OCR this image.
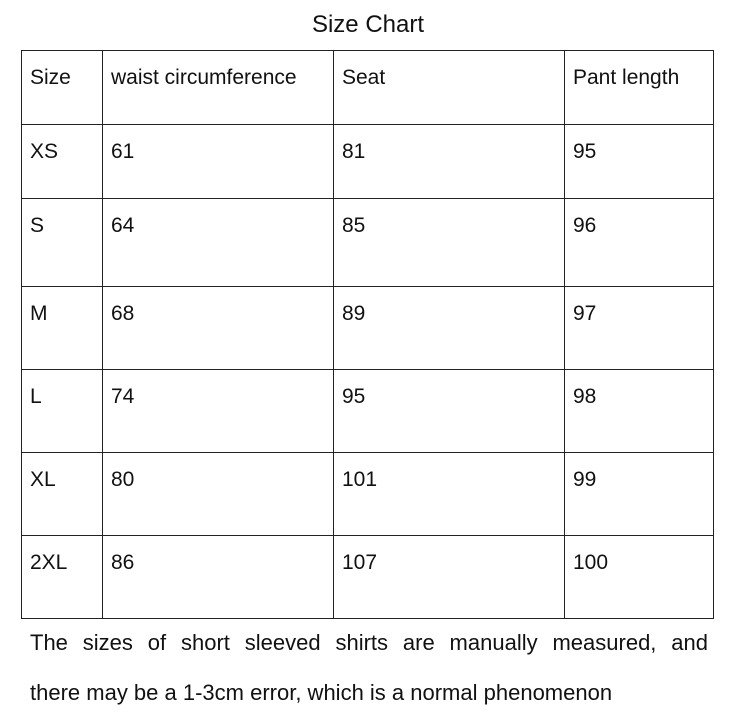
Size Chart
Size	waist circumference	Seat	Pant length
XS	61	81	95
S	64	85	96
M	68	89	97
L	74	95	98
XL	80	101	99
2XL	86	107	100
The sizes of short sleeved shirts are manually measured, and
there may be a 1-3cm error, which is a normal phenomenon
